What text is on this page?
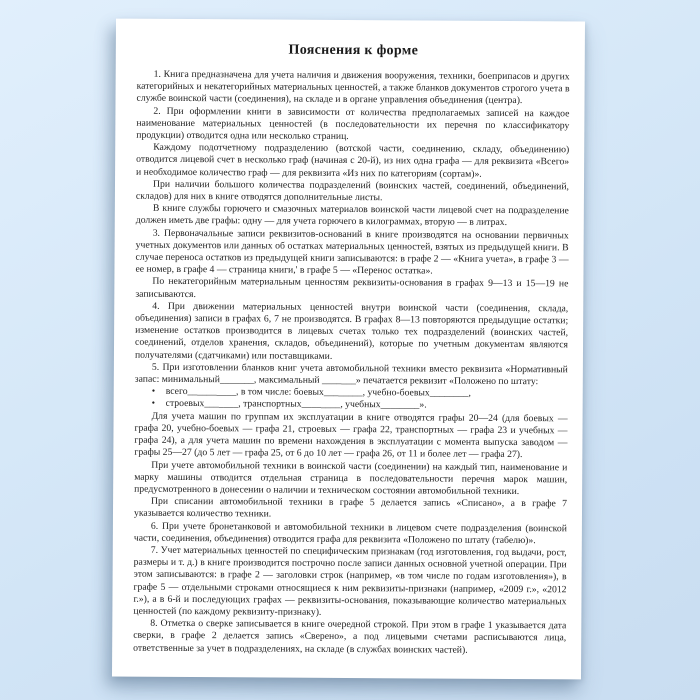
Пояснения к форме

1. Книга предназначена для учета наличия и движения вооружения, техники, боеприпасов и других категорийных и некатегорийных материальных ценностей, а также бланков документов строгого учета в службе воинской части (соединения), на складе и в органе управления объединения (центра).

2. При оформлении книги в зависимости от количества предполагаемых записей на каждое наименование материальных ценностей (в последовательности их перечня по классификатору продукции) отводится одна или несколько страниц.

Каждому подотчетному подразделению (вотской части, соединению, складу, объединению) отводится лицевой счет в несколько граф (начиная с 20-й), из них одна графа — для реквизита «Всего» и необходимое количество граф — для реквизита «Из них по категориям (сортам)».

При наличии большого количества подразделений (воинских частей, соединений, объединений, складов) для них в книге отводятся дополнительные листы.

В книге службы горючего и смазочных материалов воинской части лицевой счет на подразделение должен иметь две графы: одну — для учета горючего в килограммах, вторую — в литрах.

3. Первоначальные записи реквизитов-оснований в книге производятся на основании первичных учетных документов или данных об остатках материальных ценностей, взятых из предыдущей книги. В случае переноса остатков из предыдущей книги записываются: в графе 2 — «Книга учета», в графе 3 — ее номер, в графе 4 — страница книги,' в графе 5 — «Перенос остатка».

По некатегорийным материальным ценностям реквизиты-основания в графах 9—13 и 15—19 не записываются.

4. При движении материальных ценностей внутри воинской части (соединения, склада, объединения) записи в графах 6, 7 не производятся. В графах 8—13 повторяются предыдущие остатки; изменение остатков производится в лицевых счетах только тех подразделений (воинских частей, соединений, отделов хранения, складов, объединений), которые по учетным документам являются получателями (сдатчиками) или поставщиками.

5. При изготовлении бланков книг учета автомобильной техники вместо реквизита «Нормативный запас: минимальный_______, максимальный _______» печатается реквизит «Положено по штату:

• всего__________, в том числе: боевых________, учебно-боевых________,

• строевых_______, транспортных________, учебных________».

Для учета машин по группам их эксплуатации в книге отводятся графы 20—24 (для боевых — графа 20, учебно-боевых — графа 21, строевых — графа 22, транспортных — графа 23 и учебных — графа 24), а для учета машин по времени нахождения в эксплуатации с момента выпуска заводом — графы 25—27 (до 5 лет — графа 25, от 6 до 10 лет — графа 26, от 11 и более лет — графа 27).

При учете автомобильной техники в воинской части (соединении) на каждый тип, наименование и марку машины отводится отдельная страница в последовательности перечня марок машин, предусмотренного в донесении о наличии и техническом состоянии автомобильной техники.

При списании автомобильной техники в графе 5 делается запись «Списано», а в графе 7 указывается количество техники.

6. При учете бронетанковой и автомобильной техники в лицевом счете подразделения (воинской части, соединения, объединения) отводится графа для реквизита «Положено по штату (табелю)».

7. Учет материальных ценностей по специфическим признакам (год изготовления, год выдачи, рост, размеры и т. д.) в книге производится построчно после записи данных основной учетной операции. При этом записываются: в графе 2 — заголовки строк (например, «в том числе по годам изготовления»), в графе 5 — отдельными строками относящиеся к ним реквизиты-признаки (например, «2009 г.», «2012 г.»), а в 6-й и последующих графах — реквизиты-основания, показывающие количество материальных ценностей (по каждому реквизиту-признаку).

8. Отметка о сверке записывается в книге очередной строкой. При этом в графе 1 указывается дата сверки, в графе 2 делается запись «Сверено», а под лицевыми счетами расписываются лица, ответственные за учет в подразделениях, на складе (в службах воинских частей).
